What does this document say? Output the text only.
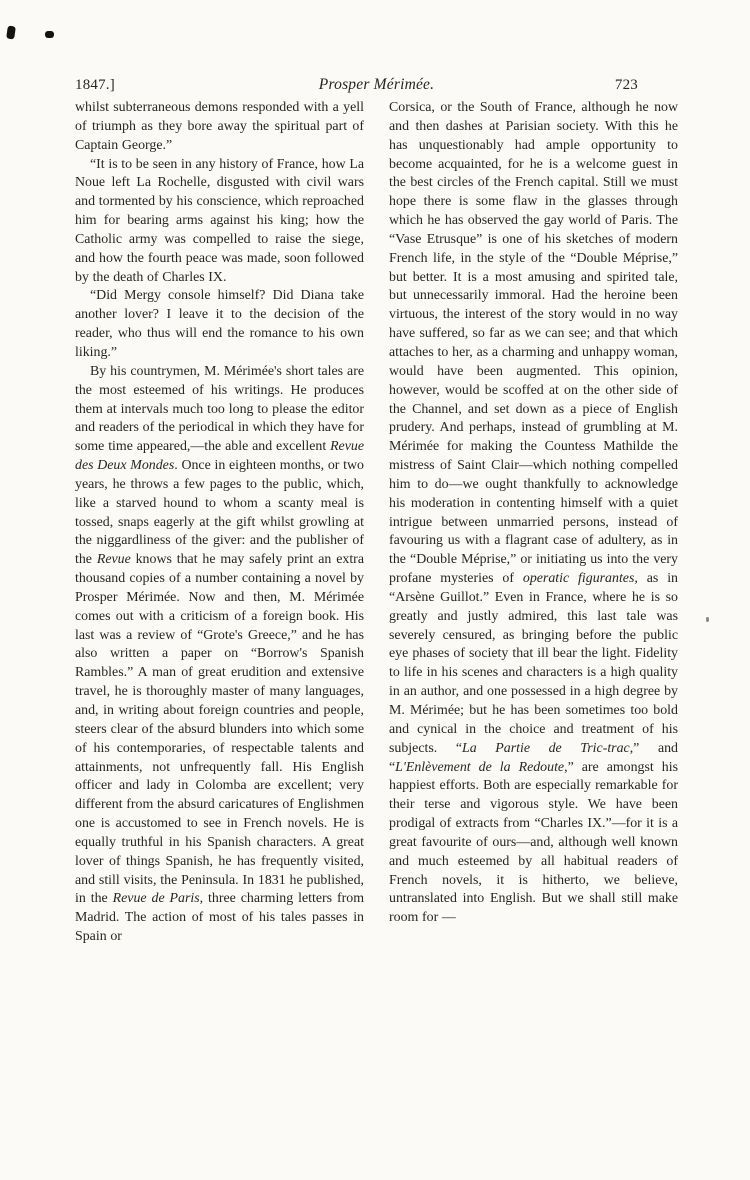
1847.]	Prosper Mérimée.	723

whilst subterraneous demons responded with a yell of triumph as they bore away the spiritual part of Captain George.”

“It is to be seen in any history of France, how La Noue left La Rochelle, disgusted with civil wars and tormented by his conscience, which reproached him for bearing arms against his king; how the Catholic army was compelled to raise the siege, and how the fourth peace was made, soon followed by the death of Charles IX.

“Did Mergy console himself? Did Diana take another lover? I leave it to the decision of the reader, who thus will end the romance to his own liking.”

By his countrymen, M. Mérimée's short tales are the most esteemed of his writings. He produces them at intervals much too long to please the editor and readers of the periodical in which they have for some time appeared,—the able and excellent Revue des Deux Mondes. Once in eighteen months, or two years, he throws a few pages to the public, which, like a starved hound to whom a scanty meal is tossed, snaps eagerly at the gift whilst growling at the niggardliness of the giver: and the publisher of the Revue knows that he may safely print an extra thousand copies of a number containing a novel by Prosper Mérimée. Now and then, M. Mérimée comes out with a criticism of a foreign book. His last was a review of “Grote's Greece,” and he has also written a paper on “Borrow's Spanish Rambles.” A man of great erudition and extensive travel, he is thoroughly master of many languages, and, in writing about foreign countries and people, steers clear of the absurd blunders into which some of his contemporaries, of respectable talents and attainments, not unfrequently fall. His English officer and lady in Colomba are excellent; very different from the absurd caricatures of Englishmen one is accustomed to see in French novels. He is equally truthful in his Spanish characters. A great lover of things Spanish, he has frequently visited, and still visits, the Peninsula. In 1831 he published, in the Revue de Paris, three charming letters from Madrid. The action of most of his tales passes in Spain or

Corsica, or the South of France, although he now and then dashes at Parisian society. With this he has unquestionably had ample opportunity to become acquainted, for he is a welcome guest in the best circles of the French capital. Still we must hope there is some flaw in the glasses through which he has observed the gay world of Paris. The “Vase Etrusque” is one of his sketches of modern French life, in the style of the “Double Méprise,” but better. It is a most amusing and spirited tale, but unnecessarily immoral. Had the heroine been virtuous, the interest of the story would in no way have suffered, so far as we can see; and that which attaches to her, as a charming and unhappy woman, would have been augmented. This opinion, however, would be scoffed at on the other side of the Channel, and set down as a piece of English prudery. And perhaps, instead of grumbling at M. Mérimée for making the Countess Mathilde the mistress of Saint Clair—which nothing compelled him to do—we ought thankfully to acknowledge his moderation in contenting himself with a quiet intrigue between unmarried persons, instead of favouring us with a flagrant case of adultery, as in the “Double Méprise,” or initiating us into the very profane mysteries of operatic figurantes, as in “Arsène Guillot.” Even in France, where he is so greatly and justly admired, this last tale was severely censured, as bringing before the public eye phases of society that ill bear the light. Fidelity to life in his scenes and characters is a high quality in an author, and one possessed in a high degree by M. Mérimée; but he has been sometimes too bold and cynical in the choice and treatment of his subjects. “La Partie de Tric-trac,” and “L'Enlèvement de la Redoute,” are amongst his happiest efforts. Both are especially remarkable for their terse and vigorous style. We have been prodigal of extracts from “Charles IX.”—for it is a great favourite of ours—and, although well known and much esteemed by all habitual readers of French novels, it is hitherto, we believe, untranslated into English. But we shall still make room for —
